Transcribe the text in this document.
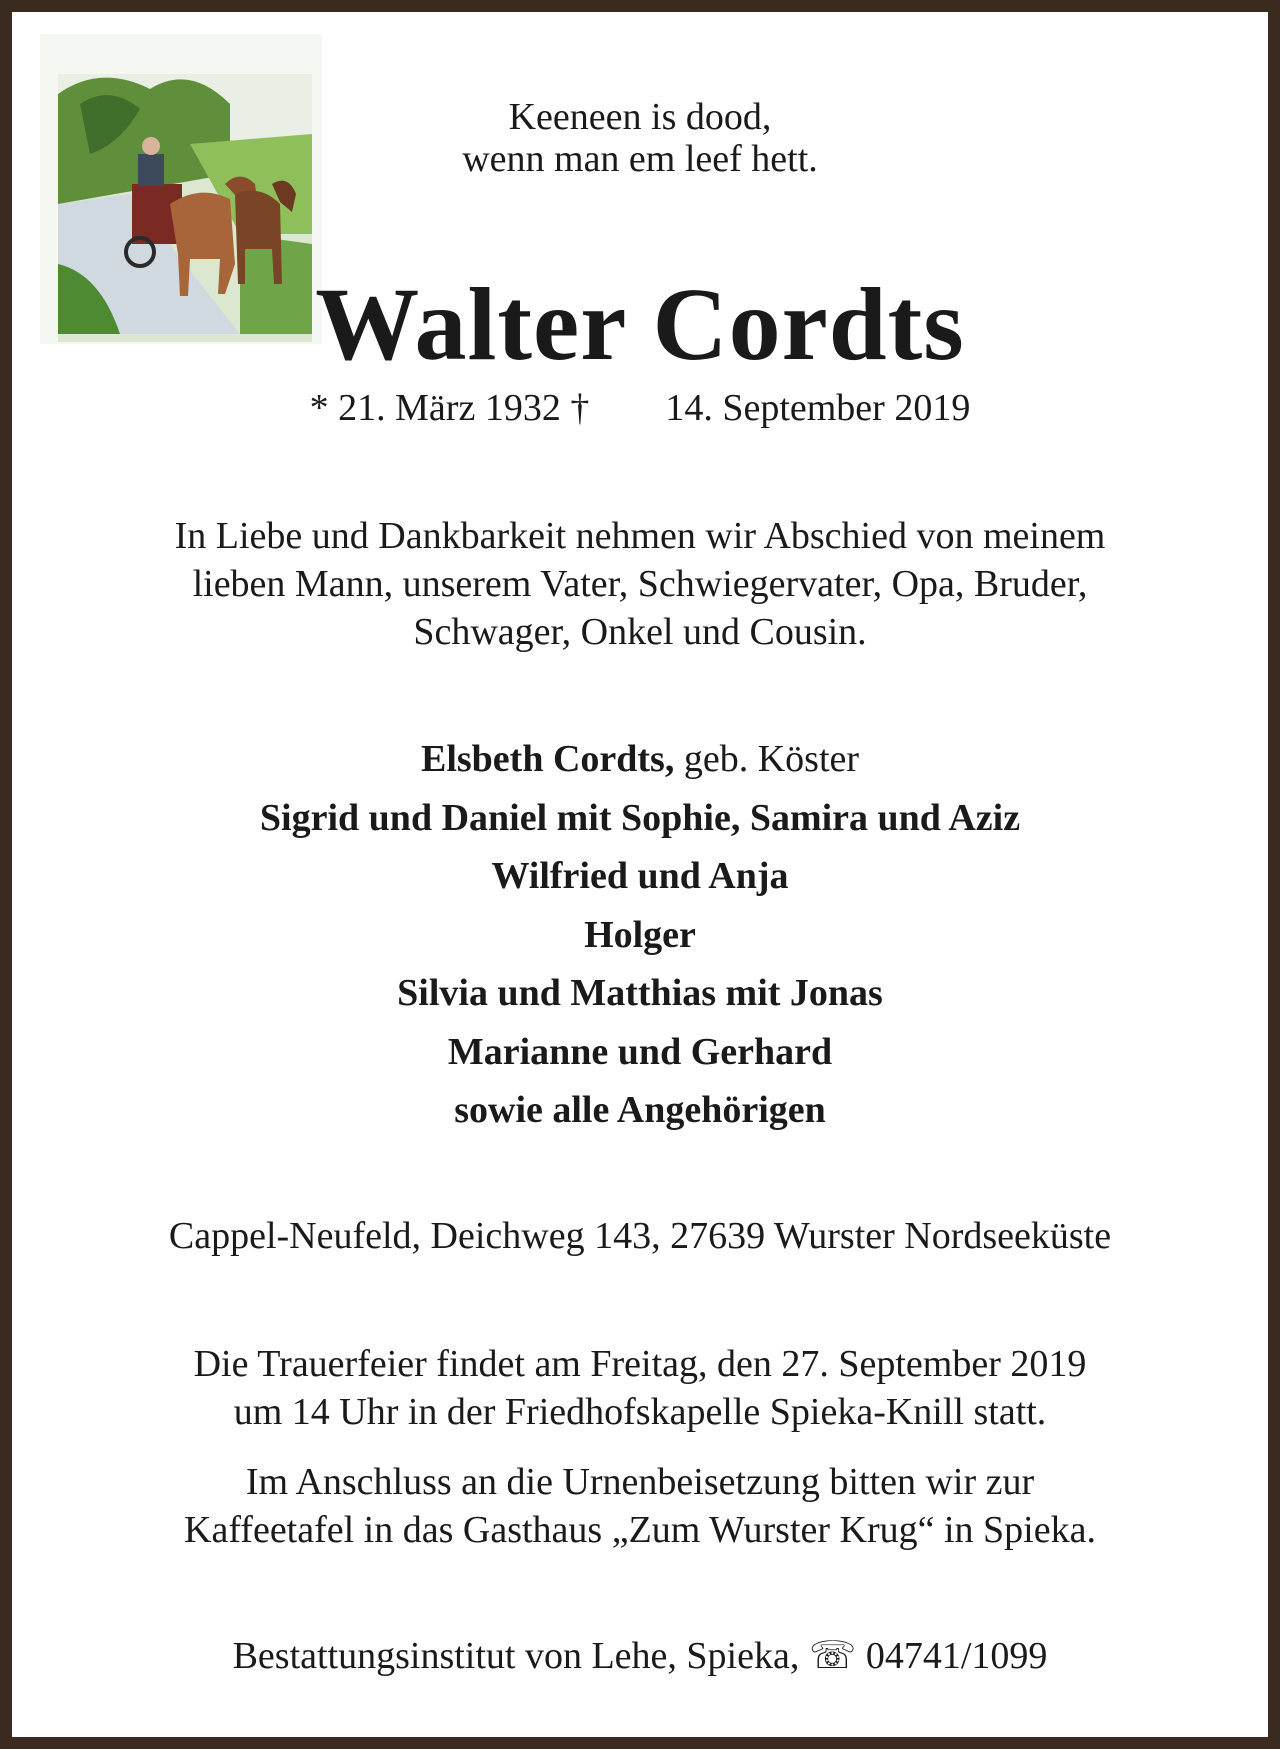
Keeneen is dood,
wenn man em leef hett.
Walter Cordts
* 21. März 1932 † 14. September 2019
In Liebe und Dankbarkeit nehmen wir Abschied von meinem
lieben Mann, unserem Vater, Schwiegervater, Opa, Bruder,
Schwager, Onkel und Cousin.
Elsbeth Cordts, geb. Köster
Sigrid und Daniel mit Sophie, Samira und Aziz
Wilfried und Anja
Holger
Silvia und Matthias mit Jonas
Marianne und Gerhard
sowie alle Angehörigen
Cappel-Neufeld, Deichweg 143, 27639 Wurster Nordseeküste
Die Trauerfeier findet am Freitag, den 27. September 2019
um 14 Uhr in der Friedhofskapelle Spieka-Knill statt.
Im Anschluss an die Urnenbeisetzung bitten wir zur
Kaffeetafel in das Gasthaus „Zum Wurster Krug“ in Spieka.
Bestattungsinstitut von Lehe, Spieka, ☏ 04741/1099
